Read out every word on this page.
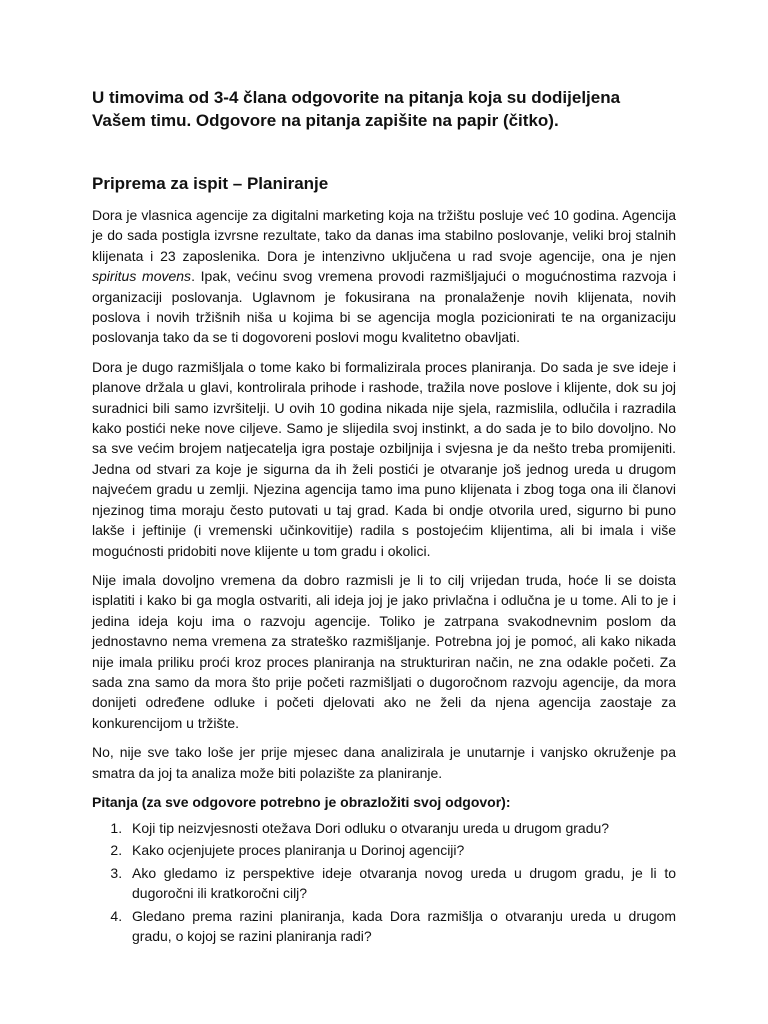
U timovima od 3-4 člana odgovorite na pitanja koja su dodijeljena Vašem timu. Odgovore na pitanja zapišite na papir (čitko).
Priprema za ispit – Planiranje

Dora je vlasnica agencije za digitalni marketing koja na tržištu posluje već 10 godina. Agencija je do sada postigla izvrsne rezultate, tako da danas ima stabilno poslovanje, veliki broj stalnih klijenata i 23 zaposlenika. Dora je intenzivno uključena u rad svoje agencije, ona je njen spiritus movens. Ipak, većinu svog vremena provodi razmišljajući o mogućnostima razvoja i organizaciji poslovanja. Uglavnom je fokusirana na pronalaženje novih klijenata, novih poslova i novih tržišnih niša u kojima bi se agencija mogla pozicionirati te na organizaciju poslovanja tako da se ti dogovoreni poslovi mogu kvalitetno obavljati.

Dora je dugo razmišljala o tome kako bi formalizirala proces planiranja. Do sada je sve ideje i planove držala u glavi, kontrolirala prihode i rashode, tražila nove poslove i klijente, dok su joj suradnici bili samo izvršitelji. U ovih 10 godina nikada nije sjela, razmislila, odlučila i razradila kako postići neke nove ciljeve. Samo je slijedila svoj instinkt, a do sada je to bilo dovoljno. No sa sve većim brojem natjecatelja igra postaje ozbiljnija i svjesna je da nešto treba promijeniti. Jedna od stvari za koje je sigurna da ih želi postići je otvaranje još jednog ureda u drugom najvećem gradu u zemlji. Njezina agencija tamo ima puno klijenata i zbog toga ona ili članovi njezinog tima moraju često putovati u taj grad. Kada bi ondje otvorila ured, sigurno bi puno lakše i jeftinije (i vremenski učinkovitije) radila s postojećim klijentima, ali bi imala i više mogućnosti pridobiti nove klijente u tom gradu i okolici.

Nije imala dovoljno vremena da dobro razmisli je li to cilj vrijedan truda, hoće li se doista isplatiti i kako bi ga mogla ostvariti, ali ideja joj je jako privlačna i odlučna je u tome. Ali to je i jedina ideja koju ima o razvoju agencije. Toliko je zatrpana svakodnevnim poslom da jednostavno nema vremena za strateško razmišljanje. Potrebna joj je pomoć, ali kako nikada nije imala priliku proći kroz proces planiranja na strukturiran način, ne zna odakle početi. Za sada zna samo da mora što prije početi razmišljati o dugoročnom razvoju agencije, da mora donijeti određene odluke i početi djelovati ako ne želi da njena agencija zaostaje za konkurencijom u tržište.

No, nije sve tako loše jer prije mjesec dana analizirala je unutarnje i vanjsko okruženje pa smatra da joj ta analiza može biti polazište za planiranje.

Pitanja (za sve odgovore potrebno je obrazložiti svoj odgovor):

1. Koji tip neizvjesnosti otežava Dori odluku o otvaranju ureda u drugom gradu?
2. Kako ocjenjujete proces planiranja u Dorinoj agenciji?
3. Ako gledamo iz perspektive ideje otvaranja novog ureda u drugom gradu, je li to dugoročni ili kratkoročni cilj?
4. Gledano prema razini planiranja, kada Dora razmišlja o otvaranju ureda u drugom gradu, o kojoj se razini planiranja radi?
